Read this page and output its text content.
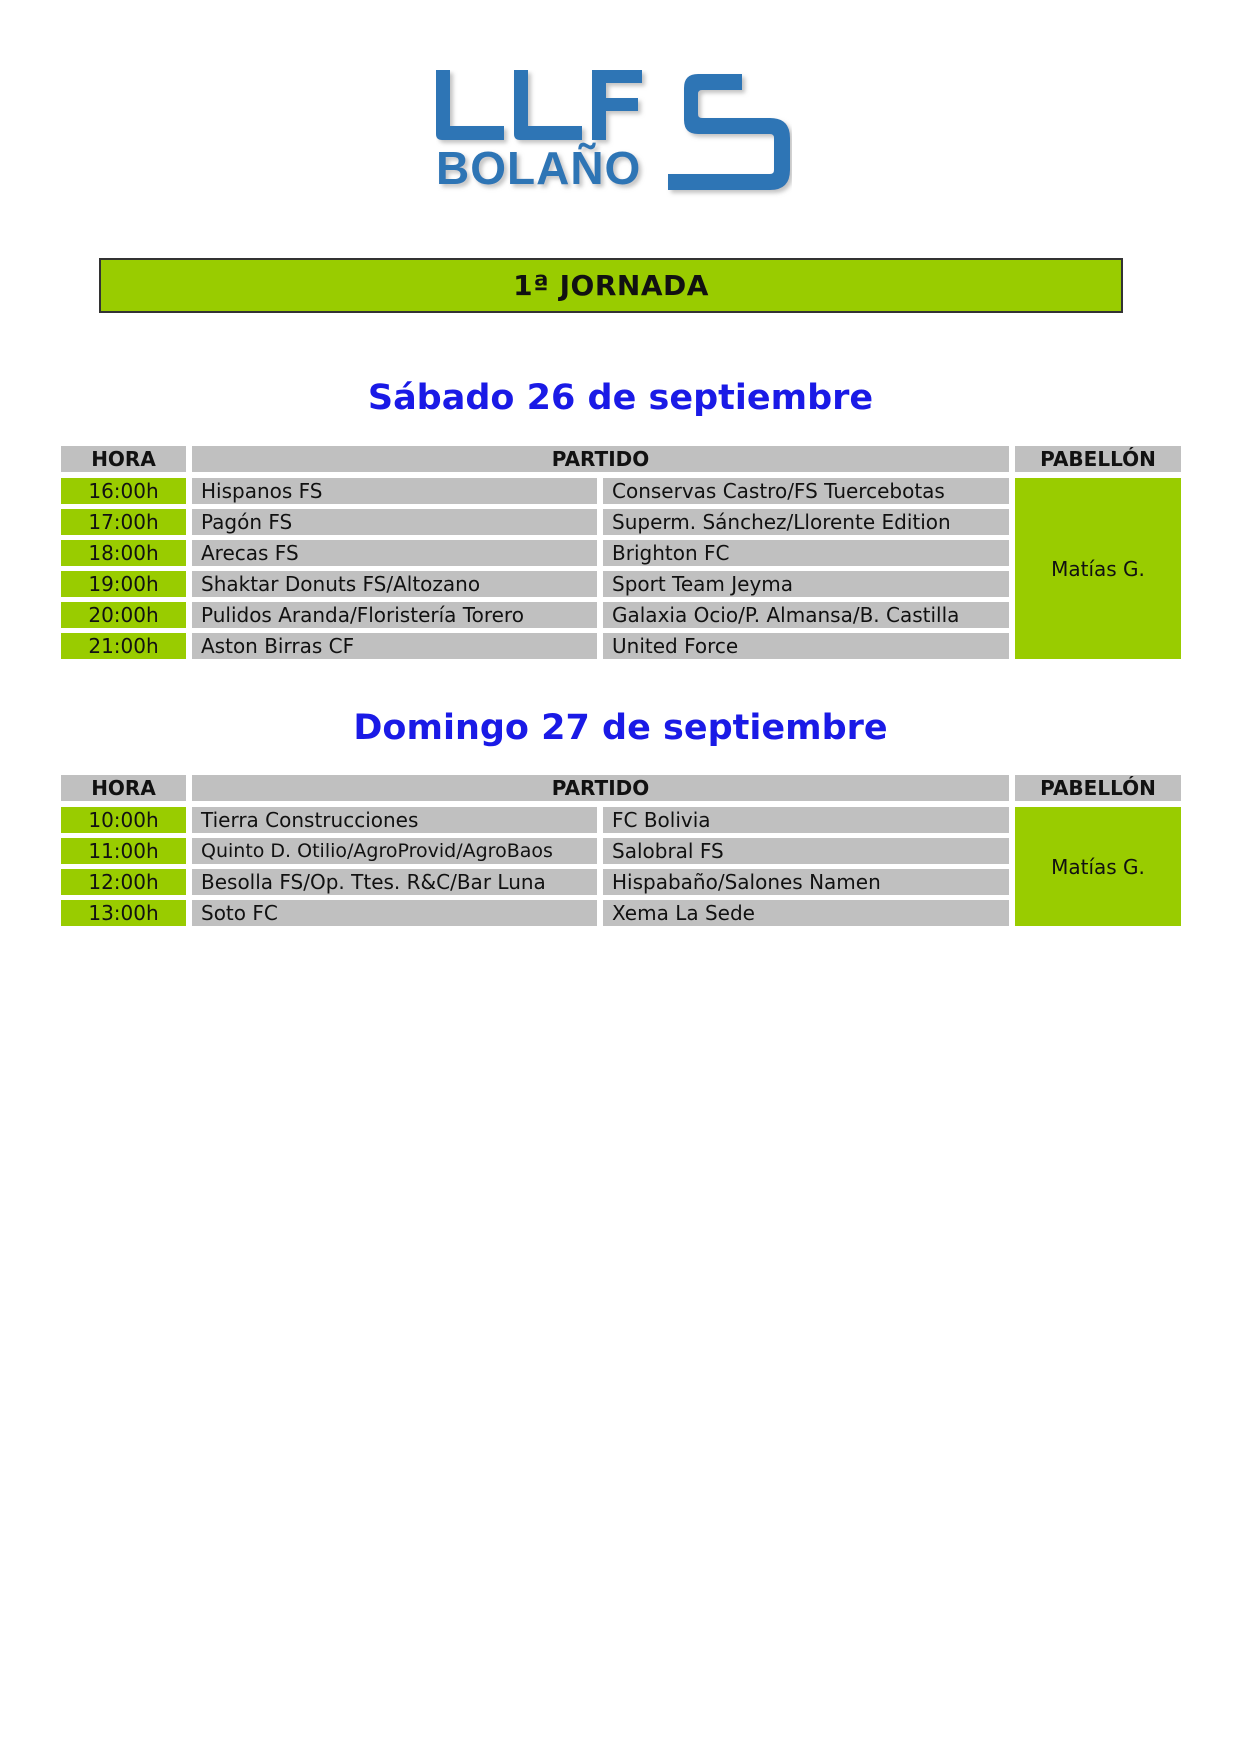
BOLAÑO
1ª JORNADA
Sábado 26 de septiembre
HORA	PARTIDO	PABELLÓN
16:00h	Hispanos FS	Conservas Castro/FS Tuercebotas
17:00h	Pagón FS	Superm. Sánchez/Llorente Edition
18:00h	Arecas FS	Brighton FC
19:00h	Shaktar Donuts FS/Altozano	Sport Team Jeyma
20:00h	Pulidos Aranda/Floristería Torero	Galaxia Ocio/P. Almansa/B. Castilla
21:00h	Aston Birras CF	United Force
Matías G.
Domingo 27 de septiembre
HORA	PARTIDO	PABELLÓN
10:00h	Tierra Construcciones	FC Bolivia
11:00h	Quinto D. Otilio/AgroProvid/AgroBaos	Salobral FS
12:00h	Besolla FS/Op. Ttes. R&C/Bar Luna	Hispabaño/Salones Namen
13:00h	Soto FC	Xema La Sede
Matías G.
